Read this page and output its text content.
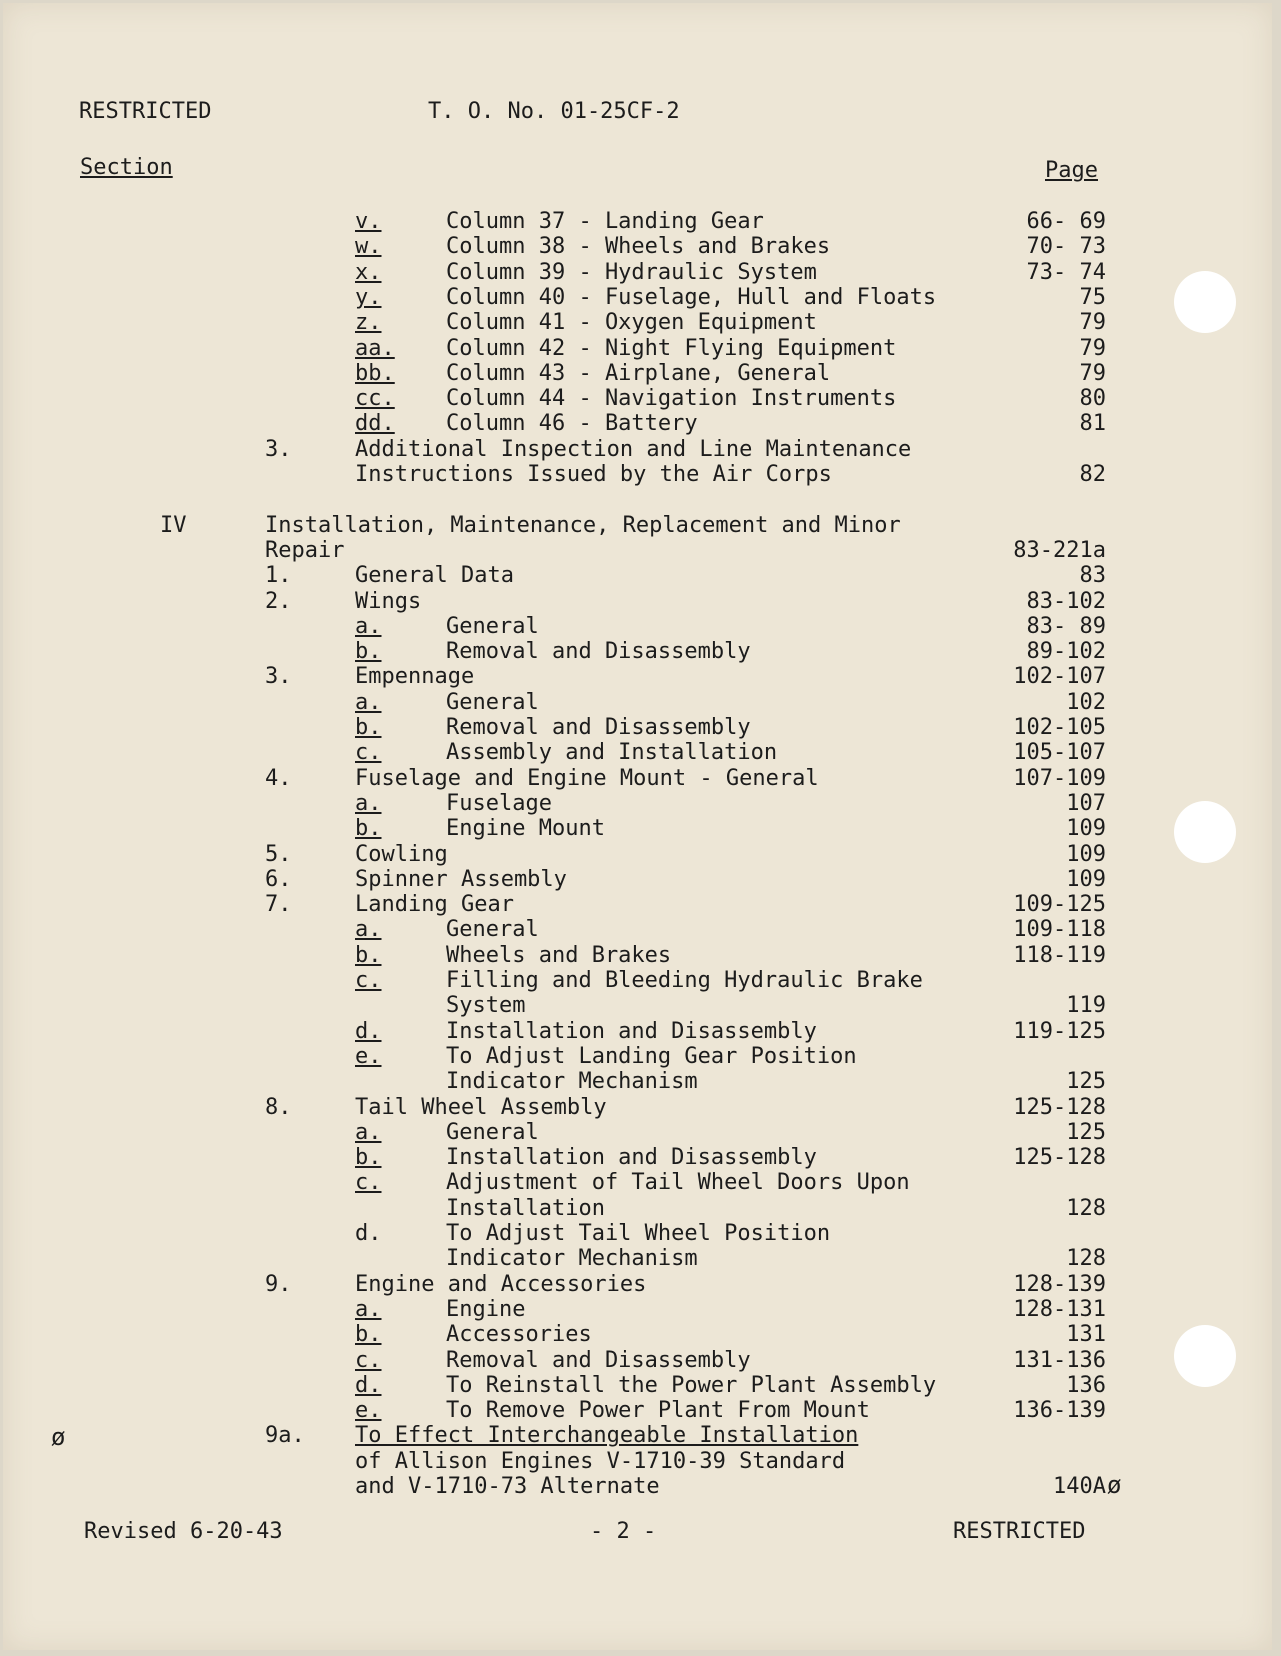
RESTRICTED	T. O. No. 01-25CF-2
Section	Page
v.	Column 37 - Landing Gear	66- 69
w.	Column 38 - Wheels and Brakes	70- 73
x.	Column 39 - Hydraulic System	73- 74
y.	Column 40 - Fuselage, Hull and Floats	75
z.	Column 41 - Oxygen Equipment	79
aa. Column 42 - Night Flying Equipment	79
bb. Column 43 - Airplane, General	79
cc. Column 44 - Navigation Instruments	80
dd. Column 46 - Battery	81
3.	Additional Inspection and Line Maintenance
Instructions Issued by the Air Corps	82
IV	Installation, Maintenance, Replacement and Minor
Repair	83-221a
1.	General Data	83
2.	Wings	83-102
a.	General	83- 89
b.	Removal and Disassembly	89-102
3.	Empennage	102-107
a.	General	102
b.	Removal and Disassembly	102-105
c.	Assembly and Installation	105-107
4.	Fuselage and Engine Mount - General	107-109
a.	Fuselage	107
b.	Engine Mount	109
5.	Cowling	109
6.	Spinner Assembly	109
7.	Landing Gear	109-125
a.	General	109-118
b.	Wheels and Brakes	118-119
c.	Filling and Bleeding Hydraulic Brake
System	119
d.	Installation and Disassembly	119-125
e.	To Adjust Landing Gear Position
Indicator Mechanism	125
8.	Tail Wheel Assembly	125-128
a.	General	125
b.	Installation and Disassembly	125-128
c.	Adjustment of Tail Wheel Doors Upon
Installation	128
d.	To Adjust Tail Wheel Position
Indicator Mechanism	128
9.	Engine and Accessories	128-139
a.	Engine	128-131
b.	Accessories	131
c.	Removal and Disassembly	131-136
d.	To Reinstall the Power Plant Assembly	136
e.	To Remove Power Plant From Mount	136-139
9a. To Effect Interchangeable Installation
of Allison Engines V-1710-39 Standard
and V-1710-73 Alternate	140A
ø
ø
Revised 6-20-43	- 2 -	RESTRICTED
